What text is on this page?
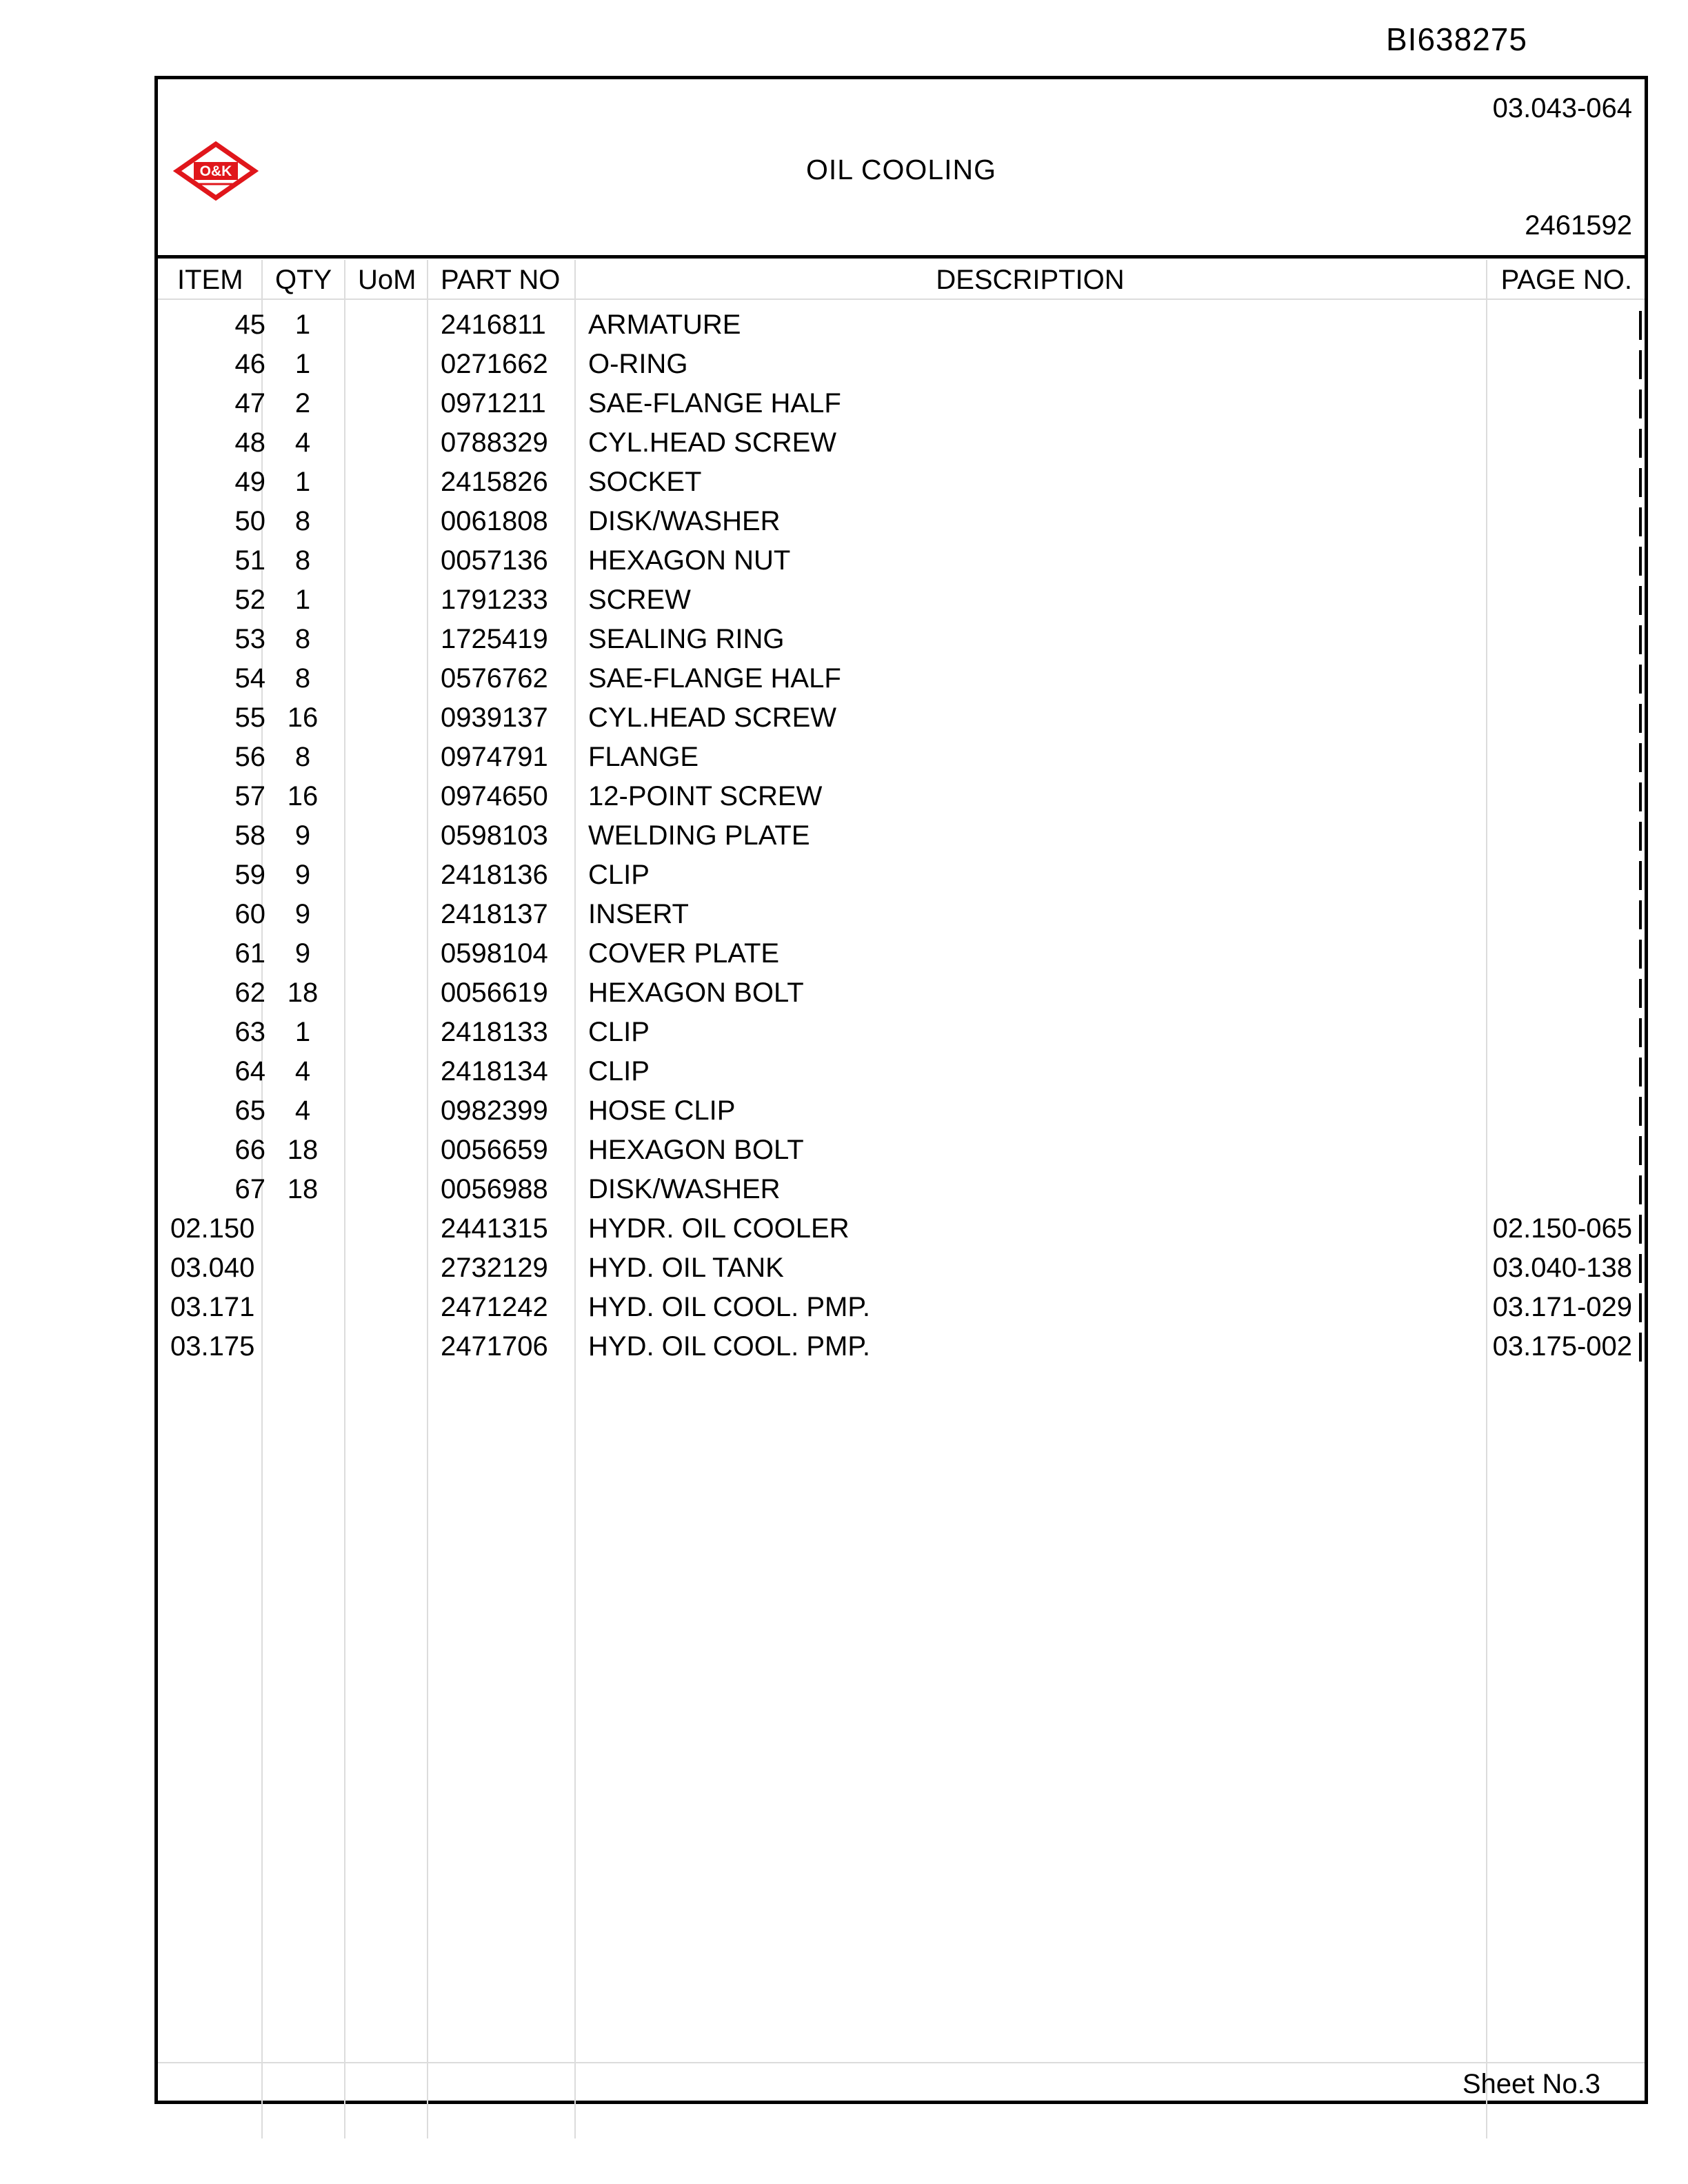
BI638275
O&K
03.043-064
OIL COOLING
2461592
ITEM QTY UoM PART NO	DESCRIPTION	PAGE NO.
45	1	2416811 ARMATURE
46	1	0271662 O-RING
47	2	0971211 SAE-FLANGE HALF
48	4	0788329 CYL.HEAD SCREW
49	1	2415826 SOCKET
50	8	0061808 DISK/WASHER
51	8	0057136 HEXAGON NUT
52	1	1791233 SCREW
53	8	1725419 SEALING RING
54	8	0576762 SAE-FLANGE HALF
55 16	0939137 CYL.HEAD SCREW
56	8	0974791 FLANGE
57 16	0974650 12-POINT SCREW
58	9	0598103 WELDING PLATE
59	9	2418136 CLIP
60	9	2418137 INSERT
61	9	0598104 COVER PLATE
62 18	0056619 HEXAGON BOLT
63	1	2418133 CLIP
64	4	2418134 CLIP
65	4	0982399 HOSE CLIP
66 18	0056659 HEXAGON BOLT
67 18	0056988 DISK/WASHER
02.150	2441315 HYDR. OIL COOLER	02.150-065
03.040	2732129 HYD. OIL TANK	03.040-138
03.171	2471242 HYD. OIL COOL. PMP.	03.171-029
03.175	2471706 HYD. OIL COOL. PMP.	03.175-002
Sheet No.3
